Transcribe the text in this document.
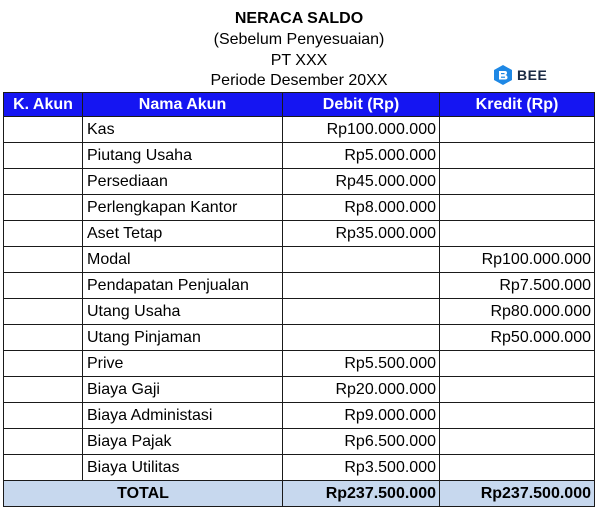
NERACA SALDO
(Sebelum Penyesuaian)
PT XXX
Periode Desember 20XX	BEE
K. Akun	Nama Akun	Debit (Rp)	Kredit (Rp)
	Kas	Rp100.000.000	
	Piutang Usaha	Rp5.000.000	
	Persediaan	Rp45.000.000	
	Perlengkapan Kantor	Rp8.000.000	
	Aset Tetap	Rp35.000.000	
	Modal		Rp100.000.000
	Pendapatan Penjualan		Rp7.500.000
	Utang Usaha		Rp80.000.000
	Utang Pinjaman		Rp50.000.000
	Prive	Rp5.500.000	
	Biaya Gaji	Rp20.000.000	
	Biaya Administasi	Rp9.000.000	
	Biaya Pajak	Rp6.500.000	
	Biaya Utilitas	Rp3.500.000	
TOTAL		Rp237.500.000	Rp237.500.000
